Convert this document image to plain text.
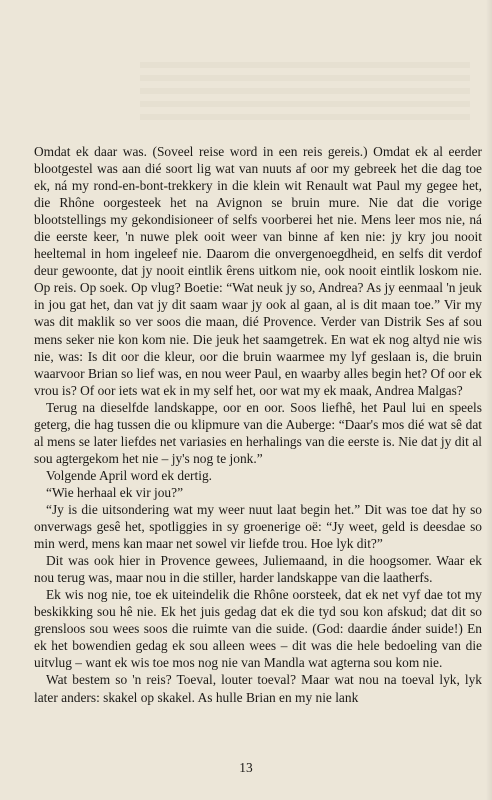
Omdat ek daar was. (Soveel reise word in een reis gereis.) Omdat ek al eerder blootgestel was aan dié soort lig wat van nuuts af oor my gebreek het die dag toe ek, ná my rond-en-bont-trekkery in die klein wit Renault wat Paul my gegee het, die Rhône oorgesteek het na Avignon se bruin mure. Nie dat die vorige blootstellings my gekondisioneer of selfs voorberei het nie. Mens leer mos nie, ná die eerste keer, 'n nuwe plek ooit weer van binne af ken nie: jy kry jou nooit heeltemal in hom ingeleef nie. Daarom die onvergenoegdheid, en selfs dit verdof deur gewoonte, dat jy nooit eintlik êrens uitkom nie, ook nooit eintlik loskom nie. Op reis. Op soek. Op vlug? Boetie: “Wat neuk jy so, Andrea? As jy eenmaal 'n jeuk in jou gat het, dan vat jy dit saam waar jy ook al gaan, al is dit maan toe.” Vir my was dit maklik so ver soos die maan, dié Provence. Verder van Distrik Ses af sou mens seker nie kon kom nie. Die jeuk het saamgetrek. En wat ek nog altyd nie wis nie, was: Is dit oor die kleur, oor die bruin waarmee my lyf geslaan is, die bruin waarvoor Brian so lief was, en nou weer Paul, en waarby alles begin het? Of oor ek vrou is? Of oor iets wat ek in my self het, oor wat my ek maak, Andrea Malgas?

Terug na dieselfde landskappe, oor en oor. Soos liefhê, het Paul lui en speels geterg, die hag tussen die ou klipmure van die Auberge: “Daar's mos dié wat sê dat al mens se later liefdes net variasies en herhalings van die eerste is. Nie dat jy dit al sou agtergekom het nie – jy's nog te jonk.”

Volgende April word ek dertig.

“Wie herhaal ek vir jou?”

“Jy is die uitsondering wat my weer nuut laat begin het.” Dit was toe dat hy so onverwags gesê het, spotliggies in sy groenerige oë: “Jy weet, geld is deesdae so min werd, mens kan maar net sowel vir liefde trou. Hoe lyk dit?”

Dit was ook hier in Provence gewees, Juliemaand, in die hoogsomer. Waar ek nou terug was, maar nou in die stiller, harder landskappe van die laatherfs.

Ek wis nog nie, toe ek uiteindelik die Rhône oorsteek, dat ek net vyf dae tot my beskikking sou hê nie. Ek het juis gedag dat ek die tyd sou kon afskud; dat dit so grensloos sou wees soos die ruimte van die suide. (God: daardie ánder suide!) En ek het bowendien gedag ek sou alleen wees – dit was die hele bedoeling van die uitvlug – want ek wis toe mos nog nie van Mandla wat agterna sou kom nie.

Wat bestem so 'n reis? Toeval, louter toeval? Maar wat nou na toeval lyk, lyk later anders: skakel op skakel. As hulle Brian en my nie lank

13
